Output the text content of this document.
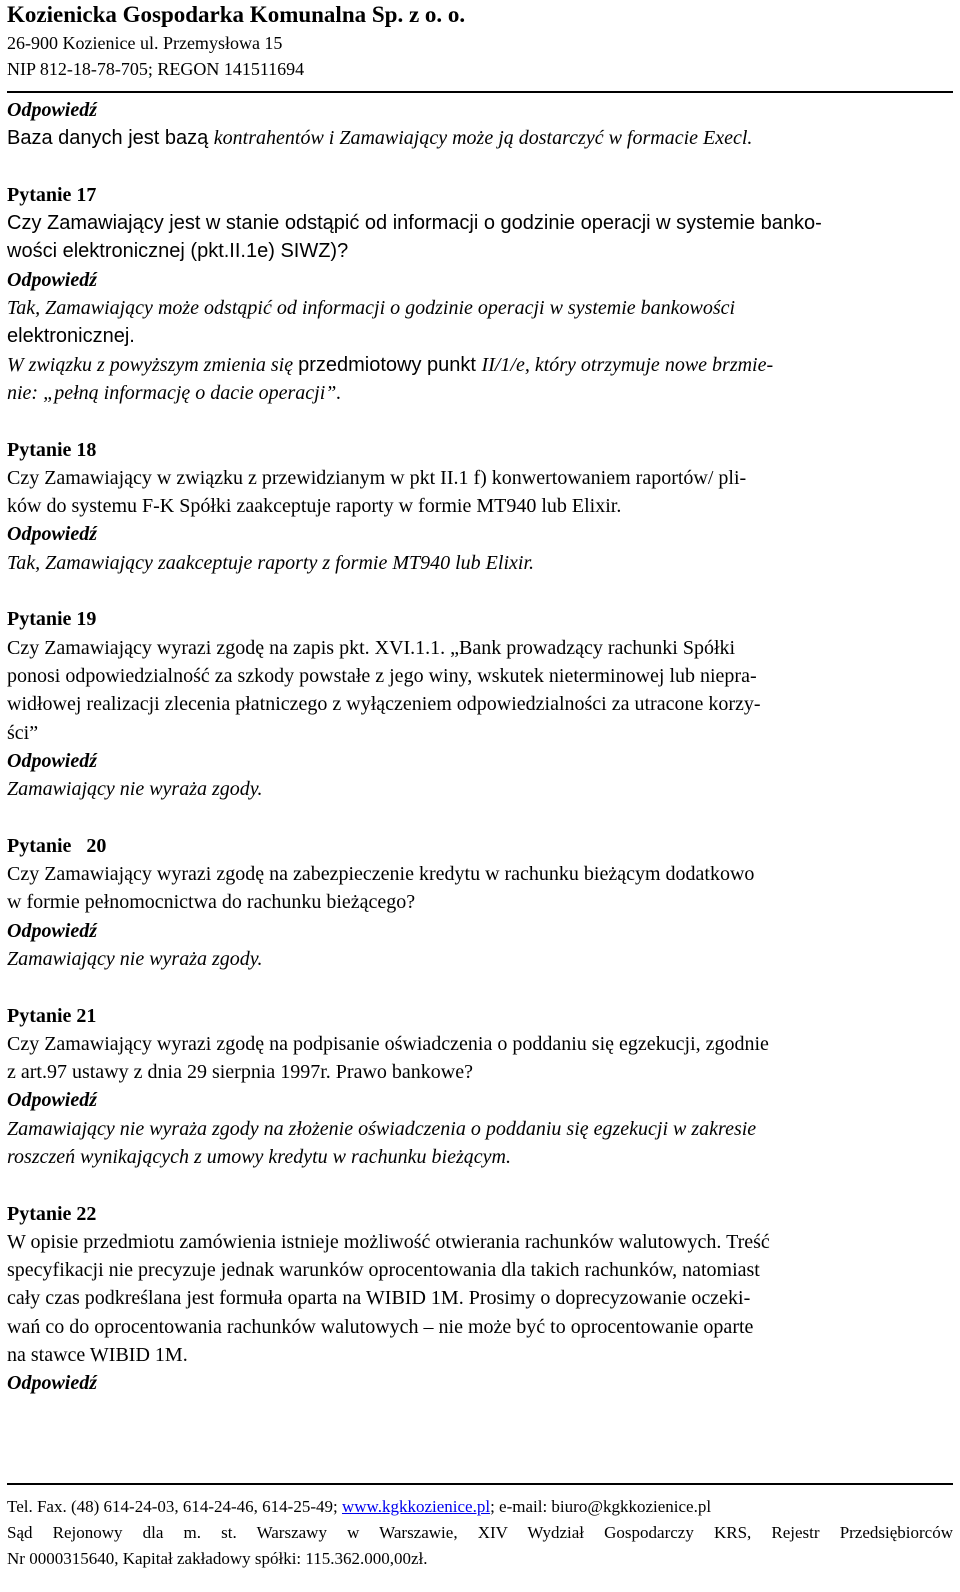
Kozienicka Gospodarka Komunalna Sp. z o. o.
26-900 Kozienice ul. Przemysłowa 15
NIP 812-18-78-705; REGON 141511694
Odpowiedź
Baza danych jest bazą kontrahentów i Zamawiający może ją dostarczyć w formacie Execl.
Pytanie 17
Czy Zamawiający jest w stanie odstąpić od informacji o godzinie operacji w systemie banko-
wości elektronicznej (pkt.II.1e) SIWZ)?
Odpowiedź
Tak, Zamawiający może odstąpić od informacji o godzinie operacji w systemie bankowości
elektronicznej.
W związku z powyższym zmienia się przedmiotowy punkt II/1/e, który otrzymuje nowe brzmie-
nie: „pełną informację o dacie operacji”.
Pytanie 18
Czy Zamawiający w związku z przewidzianym w pkt II.1 f) konwertowaniem raportów/ pli-
ków do systemu F-K Spółki zaakceptuje raporty w formie MT940 lub Elixir.
Odpowiedź
Tak, Zamawiający zaakceptuje raporty z formie MT940 lub Elixir.
Pytanie 19
Czy Zamawiający wyrazi zgodę na zapis pkt. XVI.1.1. „Bank prowadzący rachunki Spółki
ponosi odpowiedzialność za szkody powstałe z jego winy, wskutek nieterminowej lub niepra-
widłowej realizacji zlecenia płatniczego z wyłączeniem odpowiedzialności za utracone korzy-
ści”
Odpowiedź
Zamawiający nie wyraża zgody.
Pytanie   20
Czy Zamawiający wyrazi zgodę na zabezpieczenie kredytu w rachunku bieżącym dodatkowo
w formie pełnomocnictwa do rachunku bieżącego?
Odpowiedź
Zamawiający nie wyraża zgody.
Pytanie 21
Czy Zamawiający wyrazi zgodę na podpisanie oświadczenia o poddaniu się egzekucji, zgodnie
z art.97 ustawy z dnia 29 sierpnia 1997r. Prawo bankowe?
Odpowiedź
Zamawiający nie wyraża zgody na złożenie oświadczenia o poddaniu się egzekucji w zakresie
roszczeń wynikających z umowy kredytu w rachunku bieżącym.
Pytanie 22
W opisie przedmiotu zamówienia istnieje możliwość otwierania rachunków walutowych. Treść
specyfikacji nie precyzuje jednak warunków oprocentowania dla takich rachunków, natomiast
cały czas podkreślana jest formuła oparta na WIBID 1M. Prosimy o doprecyzowanie oczeki-
wań co do oprocentowania rachunków walutowych – nie może być to oprocentowanie oparte
na stawce WIBID 1M.
Odpowiedź
Tel. Fax. (48) 614-24-03, 614-24-46, 614-25-49; www.kgkkozienice.pl; e-mail: biuro@kgkkozienice.pl
Sąd Rejonowy dla m. st. Warszawy w Warszawie, XIV Wydział Gospodarczy KRS, Rejestr Przedsiębiorców
Nr 0000315640, Kapitał zakładowy spółki: 115.362.000,00zł.
